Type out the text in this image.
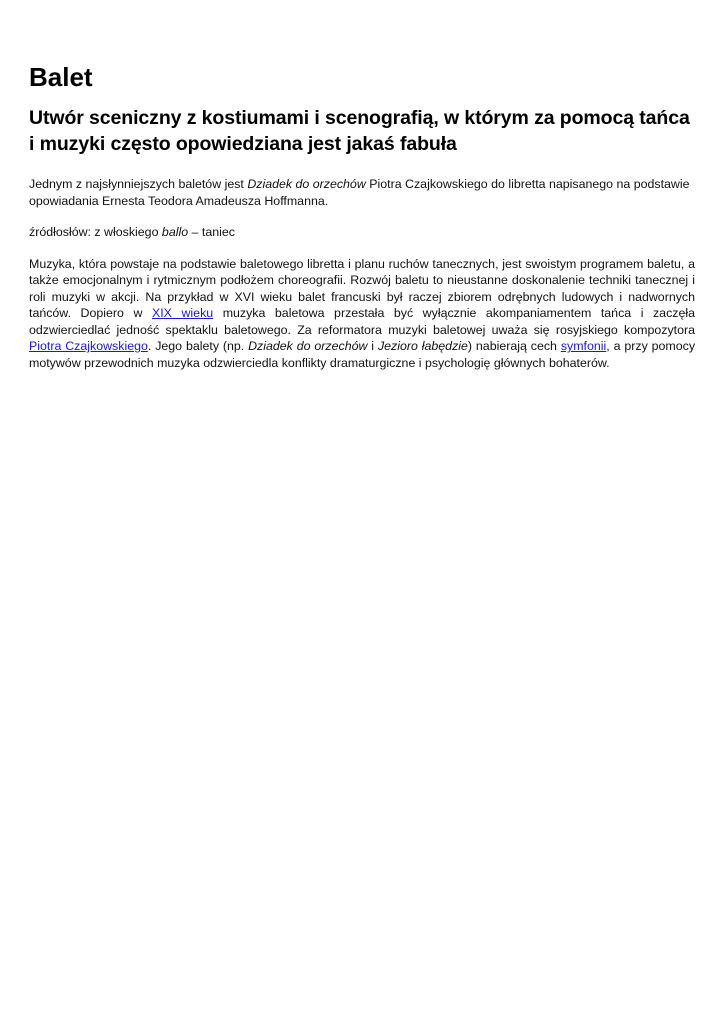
Balet
Utwór sceniczny z kostiumami i scenografią, w którym za pomocą tańca i muzyki często opowiedziana jest jakaś fabuła

Jednym z najsłynniejszych baletów jest Dziadek do orzechów Piotra Czajkowskiego do libretta napisanego na podstawie opowiadania Ernesta Teodora Amadeusza Hoffmanna.

źródłosłów: z włoskiego ballo – taniec

Muzyka, która powstaje na podstawie baletowego libretta i planu ruchów tanecznych, jest swoistym programem baletu, a także emocjonalnym i rytmicznym podłożem choreografii. Rozwój baletu to nieustanne doskonalenie techniki tanecznej i roli muzyki w akcji. Na przykład w XVI wieku balet francuski był raczej zbiorem odrębnych ludowych i nadwornych tańców. Dopiero w XIX wieku muzyka baletowa przestała być wyłącznie akompaniamentem tańca i zaczęła odzwierciedlać jedność spektaklu baletowego. Za reformatora muzyki baletowej uważa się rosyjskiego kompozytora Piotra Czajkowskiego. Jego balety (np. Dziadek do orzechów i Jezioro łabędzie) nabierają cech symfonii, a przy pomocy motywów przewodnich muzyka odzwierciedla konflikty dramaturgiczne i psychologię głównych bohaterów.
